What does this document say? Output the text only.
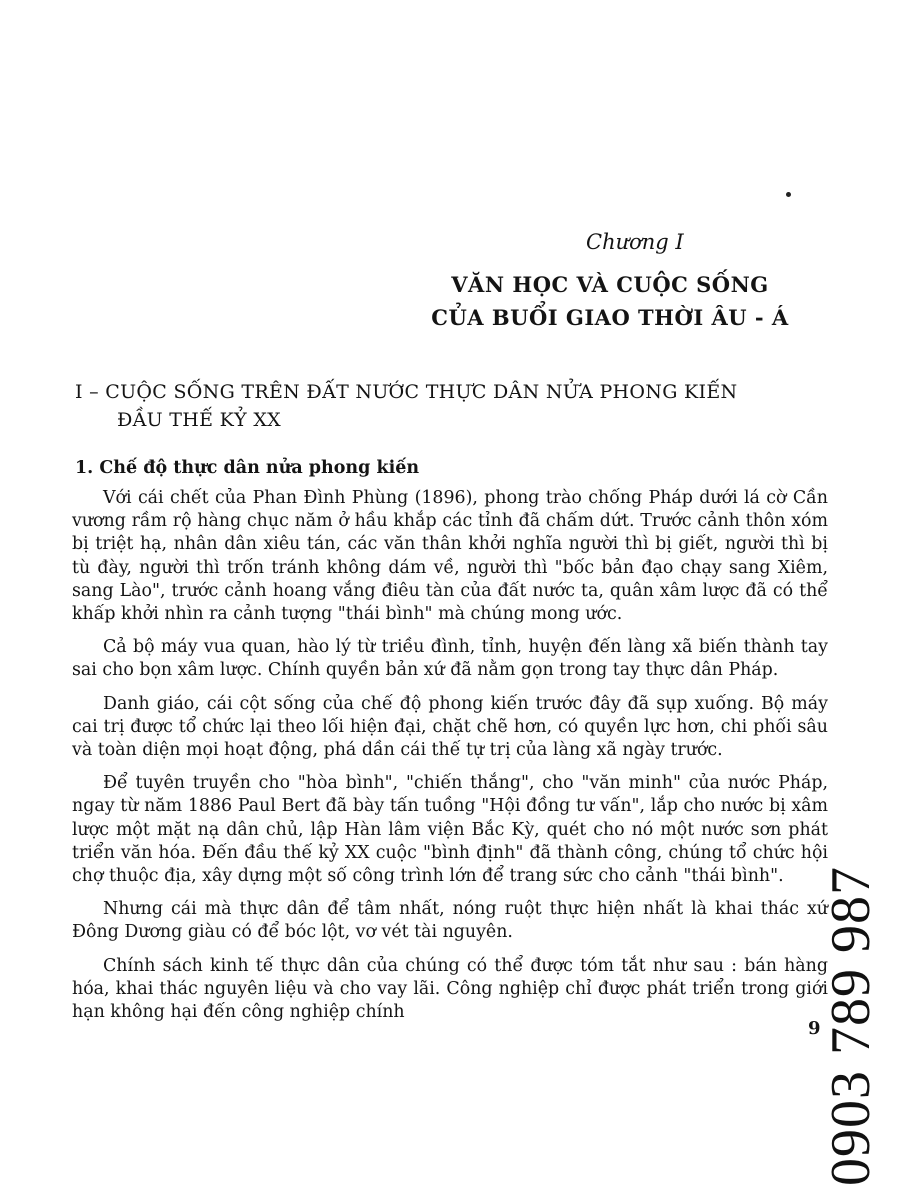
Chương I
VĂN HỌC VÀ CUỘC SỐNG
CỦA BUỔI GIAO THỜI ÂU - Á
I – CUỘC SỐNG TRÊN ĐẤT NƯỚC THỰC DÂN NỬA PHONG KIẾN
ĐẦU THẾ KỶ XX
1. Chế độ thực dân nửa phong kiến

Với cái chết của Phan Đình Phùng (1896), phong trào chống Pháp dưới lá cờ Cần vương rầm rộ hàng chục năm ở hầu khắp các tỉnh đã chấm dứt. Trước cảnh thôn xóm bị triệt hạ, nhân dân xiêu tán, các văn thân khởi nghĩa người thì bị giết, người thì bị tù đày, người thì trốn tránh không dám về, người thì "bốc bản đạo chạy sang Xiêm, sang Lào", trước cảnh hoang vắng điêu tàn của đất nước ta, quân xâm lược đã có thể khấp khởi nhìn ra cảnh tượng "thái bình" mà chúng mong ước.

Cả bộ máy vua quan, hào lý từ triều đình, tỉnh, huyện đến làng xã biến thành tay sai cho bọn xâm lược. Chính quyền bản xứ đã nằm gọn trong tay thực dân Pháp.

Danh giáo, cái cột sống của chế độ phong kiến trước đây đã sụp xuống. Bộ máy cai trị được tổ chức lại theo lối hiện đại, chặt chẽ hơn, có quyền lực hơn, chi phối sâu và toàn diện mọi hoạt động, phá dần cái thế tự trị của làng xã ngày trước.

Để tuyên truyền cho "hòa bình", "chiến thắng", cho "văn minh" của nước Pháp, ngay từ năm 1886 Paul Bert đã bày tấn tuồng "Hội đồng tư vấn", lắp cho nước bị xâm lược một mặt nạ dân chủ, lập Hàn lâm viện Bắc Kỳ, quét cho nó một nước sơn phát triển văn hóa. Đến đầu thế kỷ XX cuộc "bình định" đã thành công, chúng tổ chức hội chợ thuộc địa, xây dựng một số công trình lớn để trang sức cho cảnh "thái bình".

Nhưng cái mà thực dân để tâm nhất, nóng ruột thực hiện nhất là khai thác xứ Đông Dương giàu có để bóc lột, vơ vét tài nguyên.

Chính sách kinh tế thực dân của chúng có thể được tóm tắt như sau : bán hàng hóa, khai thác nguyên liệu và cho vay lãi. Công nghiệp chỉ được phát triển trong giới hạn không hại đến công nghiệp chính

9 0903 789 987
